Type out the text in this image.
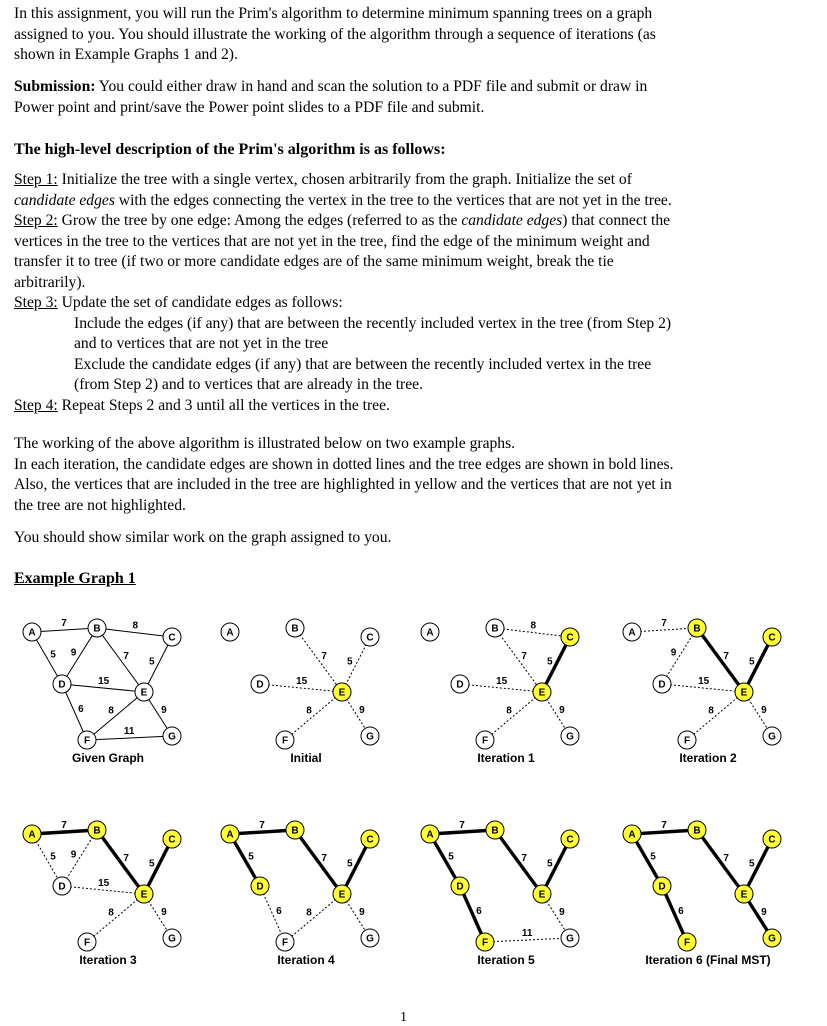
In this assignment, you will run the Prim's algorithm to determine minimum spanning trees on a graph

assigned to you. You should illustrate the working of the algorithm through a sequence of iterations (as

shown in Example Graphs 1 and 2).

Submission: You could either draw in hand and scan the solution to a PDF file and submit or draw in

Power point and print/save the Power point slides to a PDF file and submit.

The high-level description of the Prim's algorithm is as follows:

Step 1: Initialize the tree with a single vertex, chosen arbitrarily from the graph. Initialize the set of

candidate edges with the edges connecting the vertex in the tree to the vertices that are not yet in the tree.

Step 2: Grow the tree by one edge: Among the edges (referred to as the candidate edges) that connect the

vertices in the tree to the vertices that are not yet in the tree, find the edge of the minimum weight and

transfer it to tree (if two or more candidate edges are of the same minimum weight, break the tie

arbitrarily).

Step 3: Update the set of candidate edges as follows:

Include the edges (if any) that are between the recently included vertex in the tree (from Step 2)

and to vertices that are not yet in the tree

Exclude the candidate edges (if any) that are between the recently included vertex in the tree

(from Step 2) and to vertices that are already in the tree.

Step 4: Repeat Steps 2 and 3 until all the vertices in the tree.

The working of the above algorithm is illustrated below on two example graphs.

In each iteration, the candidate edges are shown in dotted lines and the tree edges are shown in bold lines.

Also, the vertices that are included in the tree are highlighted in yellow and the vertices that are not yet in

the tree are not highlighted.

You should show similar work on the graph assigned to you.
Example Graph 1
7
5
8
9	7 5
15
6 8	9
11
A	B
C
D
E
F	G
Given Graph
7 5
15
8	9
A	B
C
D
E
F	G
Initial
8
7
15
8	9
5
A	B
C
D
E
F	G
Iteration 1
7
9
15
8	9
5
7
A	B
C
D
E
F	G
Iteration 2
5 9
15
8	9
5
7
7
A	B
C
D
E
F	G
Iteration 3
6 8	9
5
7
7
5
A	B
C
D
E
F	G
Iteration 4
9
11
5
7
7
5
6
A	B
C
D
E
F	G
Iteration 5
5
7
7
5
6	9
A	B
C
D
E
F	G
Iteration 6 (Final MST)
1
